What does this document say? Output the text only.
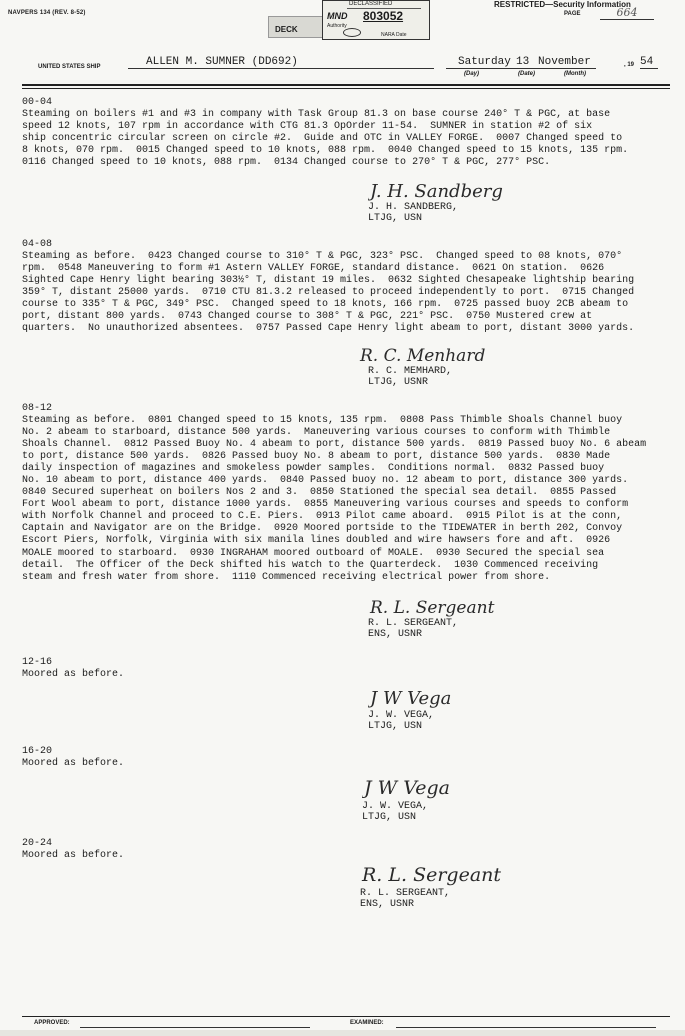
NAVPERS 134 (REV. 8-52)
DECK
DECLASSIFIED
MND 803052
Authority
NARA Date
RESTRICTED—Security Information
PAGE	664
UNITED STATES SHIP	ALLEN M. SUMNER (DD692)	Saturday 13 November
(Day)	(Date)	(Month)
, 19 54
00-04
Steaming on boilers #1 and #3 in company with Task Group 81.3 on base course 240° T & PGC, at base
speed 12 knots, 107 rpm in accordance with CTG 81.3 OpOrder 11-54.  SUMNER in station #2 of six
ship concentric circular screen on circle #2.  Guide and OTC in VALLEY FORGE.  0007 Changed speed to
8 knots, 070 rpm.  0015 Changed speed to 10 knots, 088 rpm.  0040 Changed speed to 15 knots, 135 rpm.
0116 Changed speed to 10 knots, 088 rpm.  0134 Changed course to 270° T & PGC, 277° PSC.
J. H. Sandberg
J. H. SANDBERG,
LTJG, USN
04-08
Steaming as before.  0423 Changed course to 310° T & PGC, 323° PSC.  Changed speed to 08 knots, 070°
rpm.  0548 Maneuvering to form #1 Astern VALLEY FORGE, standard distance.  0621 On station.  0626
Sighted Cape Henry light bearing 303½° T, distant 19 miles.  0632 Sighted Chesapeake lightship bearing
359° T, distant 25000 yards.  0710 CTU 81.3.2 released to proceed independently to port.  0715 Changed
course to 335° T & PGC, 349° PSC.  Changed speed to 18 knots, 166 rpm.  0725 passed buoy 2CB abeam to
port, distant 800 yards.  0743 Changed course to 308° T & PGC, 221° PSC.  0750 Mustered crew at
quarters.  No unauthorized absentees.  0757 Passed Cape Henry light abeam to port, distant 3000 yards.
R. C. Menhard
R. C. MEMHARD,
LTJG, USNR
08-12
Steaming as before.  0801 Changed speed to 15 knots, 135 rpm.  0808 Pass Thimble Shoals Channel buoy
No. 2 abeam to starboard, distance 500 yards.  Maneuvering various courses to conform with Thimble
Shoals Channel.  0812 Passed Buoy No. 4 abeam to port, distance 500 yards.  0819 Passed buoy No. 6 abeam
to port, distance 500 yards.  0826 Passed buoy No. 8 abeam to port, distance 500 yards.  0830 Made
daily inspection of magazines and smokeless powder samples.  Conditions normal.  0832 Passed buoy
No. 10 abeam to port, distance 400 yards.  0840 Passed buoy no. 12 abeam to port, distance 300 yards.
0840 Secured superheat on boilers Nos 2 and 3.  0850 Stationed the special sea detail.  0855 Passed
Fort Wool abeam to port, distance 1000 yards.  0855 Maneuvering various courses and speeds to conform
with Norfolk Channel and proceed to C.E. Piers.  0913 Pilot came aboard.  0915 Pilot is at the conn,
Captain and Navigator are on the Bridge.  0920 Moored portside to the TIDEWATER in berth 202, Convoy
Escort Piers, Norfolk, Virginia with six manila lines doubled and wire hawsers fore and aft.  0926
MOALE moored to starboard.  0930 INGRAHAM moored outboard of MOALE.  0930 Secured the special sea
detail.  The Officer of the Deck shifted his watch to the Quarterdeck.  1030 Commenced receiving
steam and fresh water from shore.  1110 Commenced receiving electrical power from shore.
R. L. Sergeant
R. L. SERGEANT,
ENS, USNR
12-16
Moored as before.
J W Vega
J. W. VEGA,
LTJG, USN
16-20
Moored as before.
J W Vega
J. W. VEGA,
LTJG, USN
20-24
Moored as before.
R. L. Sergeant
R. L. SERGEANT,
ENS, USNR
APPROVED:	EXAMINED:
